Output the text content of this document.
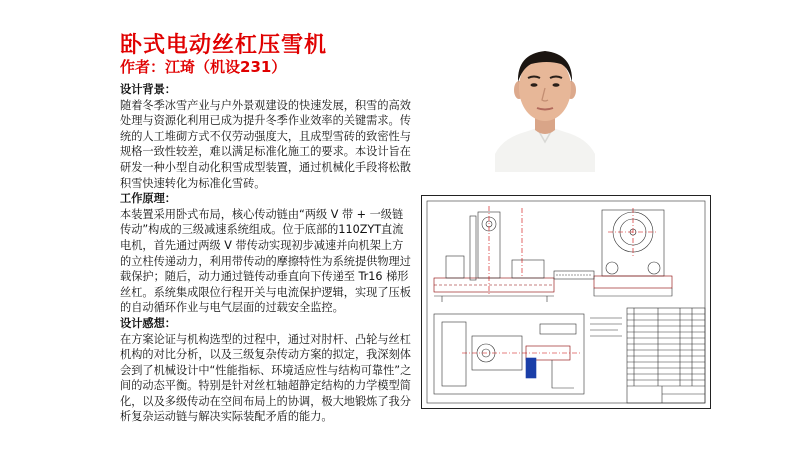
卧式电动丝杠压雪机
作者：江琦（机设231）

设计背景：

随着冬季冰雪产业与户外景观建设的快速发展，积雪的高效处理与资源化利用已成为提升冬季作业效率的关键需求。传统的人工堆砌方式不仅劳动强度大，且成型雪砖的致密性与规格一致性较差，难以满足标准化施工的要求。本设计旨在研发一种小型自动化积雪成型装置，通过机械化手段将松散积雪快速转化为标准化雪砖。

工作原理：

本装置采用卧式布局，核心传动链由“两级 V 带 + 一级链传动”构成的三级减速系统组成。位于底部的110ZYT直流电机，首先通过两级 V 带传动实现初步减速并向机架上方的立柱传递动力，利用带传动的摩擦特性为系统提供物理过载保护；随后，动力通过链传动垂直向下传递至 Tr16 梯形丝杠。系统集成限位行程开关与电流保护逻辑，实现了压板的自动循环作业与电气层面的过载安全监控。

设计感想：

在方案论证与机构选型的过程中，通过对肘杆、凸轮与丝杠机构的对比分析，以及三级复杂传动方案的拟定，我深刻体会到了机械设计中“性能指标、环境适应性与结构可靠性”之间的动态平衡。特别是针对丝杠轴超静定结构的力学模型简化，以及多级传动在空间布局上的协调，极大地锻炼了我分析复杂运动链与解决实际装配矛盾的能力。
